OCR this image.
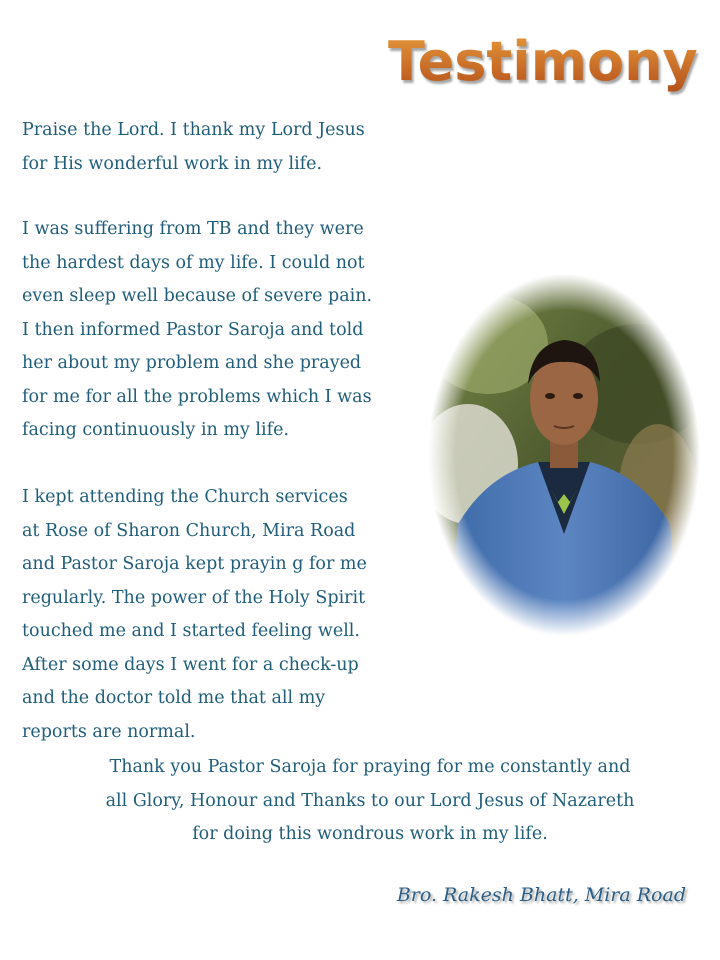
Testimony
Praise the Lord. I thank my Lord Jesus
for His wonderful work in my life.
I was suffering from TB and they were
the hardest days of my life. I could not
even sleep well because of severe pain.
I then informed Pastor Saroja and told
her about my problem and she prayed
for me for all the problems which I was
facing continuously in my life.
I kept attending the Church services
at Rose of Sharon Church, Mira Road
and Pastor Saroja kept prayin g for me
regularly. The power of the Holy Spirit
touched me and I started feeling well.
After some days I went for a check-up
and the doctor told me that all my
reports are normal.
Thank you Pastor Saroja for praying for me constantly and
all Glory, Honour and Thanks to our Lord Jesus of Nazareth
for doing this wondrous work in my life.
Bro. Rakesh Bhatt, Mira Road
